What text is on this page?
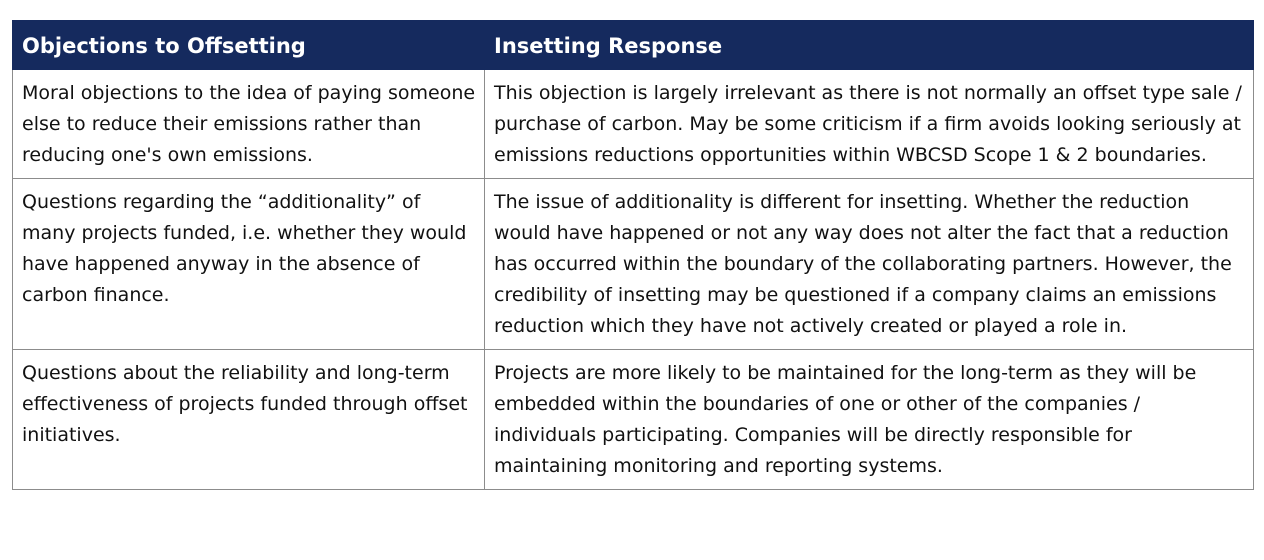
Objections to Offsetting	Insetting Response
Moral objections to the idea of paying someone else to reduce their emissions rather than reducing one's own emissions.	This objection is largely irrelevant as there is not normally an offset type sale / purchase of carbon. May be some criticism if a firm avoids looking seriously at emissions reductions opportunities within WBCSD Scope 1 & 2 boundaries.
Questions regarding the “additionality” of many projects funded, i.e. whether they would have happened anyway in the absence of carbon finance.	The issue of additionality is different for insetting. Whether the reduction would have happened or not any way does not alter the fact that a reduction has occurred within the boundary of the collaborating partners. However, the credibility of insetting may be questioned if a company claims an emissions reduction which they have not actively created or played a role in.
Questions about the reliability and long-term effectiveness of projects funded through offset initiatives.	Projects are more likely to be maintained for the long-term as they will be embedded within the boundaries of one or other of the companies / individuals participating. Companies will be directly responsible for maintaining monitoring and reporting systems.
